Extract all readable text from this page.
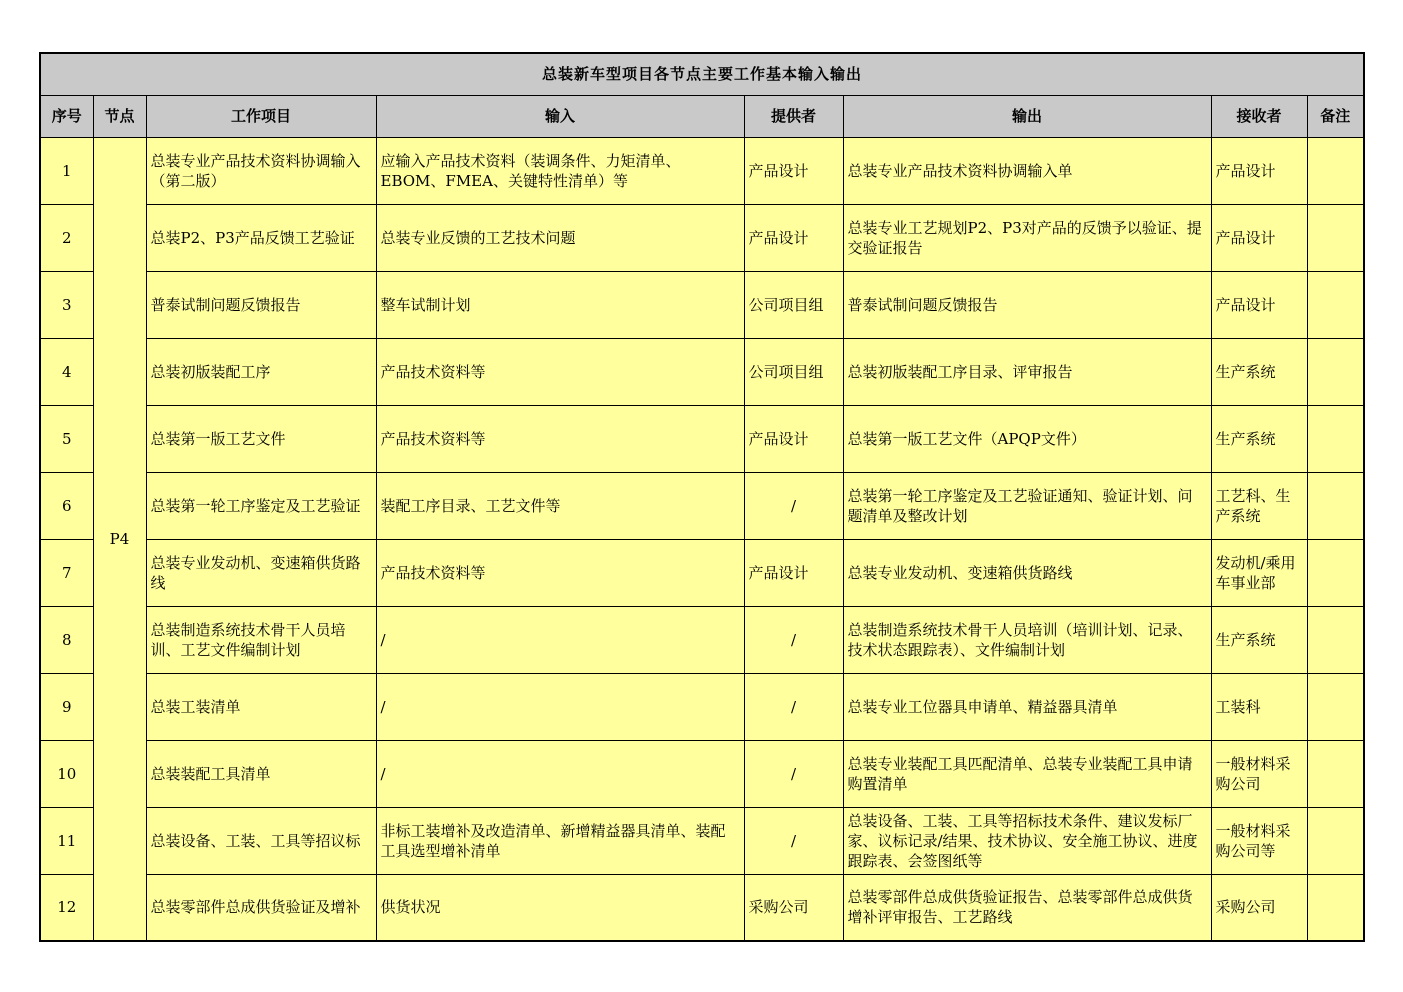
总装新车型项目各节点主要工作基本输入输出							
序号	节点	工作项目	输入	提供者	输出	接收者	备注
1	P4	总装专业产品技术资料协调输入（第二版）	应输入产品技术资料（装调条件、力矩清单、EBOM、FMEA、关键特性清单）等	产品设计	总装专业产品技术资料协调输入单	产品设计	
2		总装P2、P3产品反馈工艺验证	总装专业反馈的工艺技术问题	产品设计	总装专业工艺规划P2、P3对产品的反馈予以验证、提交验证报告	产品设计	
3		普泰试制问题反馈报告	整车试制计划	公司项目组	普泰试制问题反馈报告	产品设计	
4		总装初版装配工序	产品技术资料等	公司项目组	总装初版装配工序目录、评审报告	生产系统	
5		总装第一版工艺文件	产品技术资料等	产品设计	总装第一版工艺文件（APQP文件）	生产系统	
6		总装第一轮工序鉴定及工艺验证	装配工序目录、工艺文件等	/	总装第一轮工序鉴定及工艺验证通知、验证计划、问题清单及整改计划	工艺科、生产系统	
7		总装专业发动机、变速箱供货路线	产品技术资料等	产品设计	总装专业发动机、变速箱供货路线	发动机/乘用车事业部	
8		总装制造系统技术骨干人员培训、工艺文件编制计划	/	/	总装制造系统技术骨干人员培训（培训计划、记录、技术状态跟踪表）、文件编制计划	生产系统	
9		总装工装清单	/	/	总装专业工位器具申请单、精益器具清单	工装科	
10		总装装配工具清单	/	/	总装专业装配工具匹配清单、总装专业装配工具申请购置清单	一般材料采购公司	
11		总装设备、工装、工具等招议标	非标工装增补及改造清单、新增精益器具清单、装配工具选型增补清单	/	总装设备、工装、工具等招标技术条件、建议发标厂家、议标记录/结果、技术协议、安全施工协议、进度跟踪表、会签图纸等	一般材料采购公司等	
12		总装零部件总成供货验证及增补	供货状况	采购公司	总装零部件总成供货验证报告、总装零部件总成供货增补评审报告、工艺路线	采购公司	
